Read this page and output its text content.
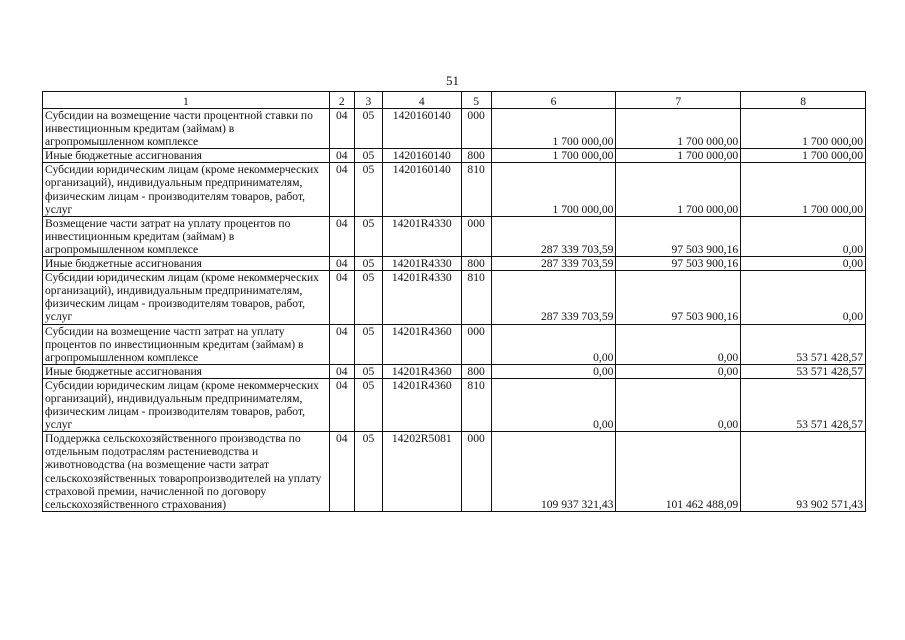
51
1	2	3	4	5	6	7	8
Субсидии на возмещение части процентной ставки по инвестиционным кредитам (займам) в агропромышленном комплексе	04	05	1420160140	000	1 700 000,00	1 700 000,00	1 700 000,00
Иные бюджетные ассигнования	04	05	1420160140	800	1 700 000,00	1 700 000,00	1 700 000,00
Субсидии юридическим лицам (кроме некоммерческих организаций), индивидуальным предпринимателям, физическим лицам - производителям товаров, работ, услуг	04	05	1420160140	810	1 700 000,00	1 700 000,00	1 700 000,00
Возмещение части затрат на уплату процентов по инвестиционным кредитам (займам) в агропромышленном комплексе	04	05	14201R4330	000	287 339 703,59	97 503 900,16	0,00
Иные бюджетные ассигнования	04	05	14201R4330	800	287 339 703,59	97 503 900,16	0,00
Субсидии юридическим лицам (кроме некоммерческих организаций), индивидуальным предпринимателям, физическим лицам - производителям товаров, работ, услуг	04	05	14201R4330	810	287 339 703,59	97 503 900,16	0,00
Субсидии на возмещение частп затрат на уплату процентов по инвестиционным кредитам (займам) в агропромышленном комплексе	04	05	14201R4360	000	0,00	0,00	53 571 428,57
Иные бюджетные ассигнования	04	05	14201R4360	800	0,00	0,00	53 571 428,57
Субсидии юридическим лицам (кроме некоммерческих организаций), индивидуальным предпринимателям, физическим лицам - производителям товаров, работ, услуг	04	05	14201R4360	810	0,00	0,00	53 571 428,57
Поддержка сельскохозяйственного производства по отдельным подотраслям растениеводства и животноводства (на возмещение части затрат сельскохозяйственных товаропроизводителей на уплату страховой премии, начисленной по договору сельскохозяйственного страхования)	04	05	14202R5081	000	109 937 321,43	101 462 488,09	93 902 571,43
